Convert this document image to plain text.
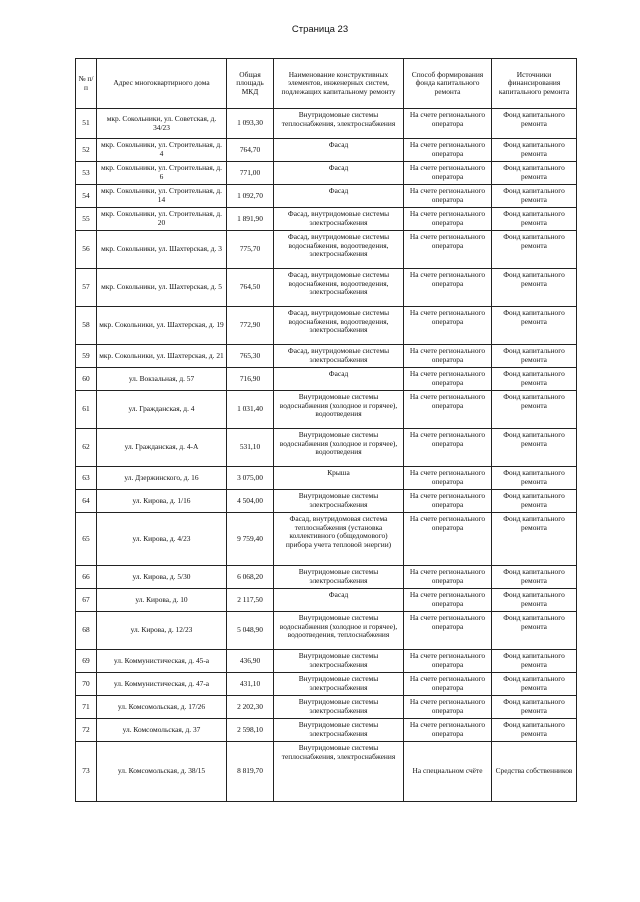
Страница 23
№ п/п	Адрес многоквартирного дома	Общая площадь МКД	Наименование конструктивных элементов, инженерных систем, подлежащих капитальному ремонту	Способ формирования фонда капитального ремонта	Источники финансирования капитального ремонта
51	мкр. Сокольники, ул. Советская, д. 34/23	1 093,30	Внутридомовые системы теплоснабжения, электроснабжения	На счете регионального оператора	Фонд капитального ремонта
52	мкр. Сокольники, ул. Строительная, д. 4	764,70	Фасад	На счете регионального оператора	Фонд капитального ремонта
53	мкр. Сокольники, ул. Строительная, д. 6	771,00	Фасад	На счете регионального оператора	Фонд капитального ремонта
54	мкр. Сокольники, ул. Строительная, д. 14	1 092,70	Фасад	На счете регионального оператора	Фонд капитального ремонта
55	мкр. Сокольники, ул. Строительная, д. 20	1 891,90	Фасад, внутридомовые системы электроснабжения	На счете регионального оператора	Фонд капитального ремонта
56	мкр. Сокольники, ул. Шахтерская, д. 3	775,70	Фасад, внутридомовые системы водоснабжения, водоотведения, электроснабжения	На счете регионального оператора	Фонд капитального ремонта
57	мкр. Сокольники, ул. Шахтерская, д. 5	764,50	Фасад, внутридомовые системы водоснабжения, водоотведения, электроснабжения	На счете регионального оператора	Фонд капитального ремонта
58	мкр. Сокольники, ул. Шахтерская, д. 19	772,90	Фасад, внутридомовые системы водоснабжения, водоотведения, электроснабжения	На счете регионального оператора	Фонд капитального ремонта
59	мкр. Сокольники, ул. Шахтерская, д. 21	765,30	Фасад, внутридомовые системы электроснабжения	На счете регионального оператора	Фонд капитального ремонта
60	ул. Вокзальная, д. 57	716,90	Фасад	На счете регионального оператора	Фонд капитального ремонта
61	ул. Гражданская, д. 4	1 031,40	Внутридомовые системы водоснабжения (холодное и горячее), водоотведения	На счете регионального оператора	Фонд капитального ремонта
62	ул. Гражданская, д. 4-А	531,10	Внутридомовые системы водоснабжения (холодное и горячее), водоотведения	На счете регионального оператора	Фонд капитального ремонта
63	ул. Дзержинского, д. 16	3 075,00	Крыша	На счете регионального оператора	Фонд капитального ремонта
64	ул. Кирова, д. 1/16	4 504,00	Внутридомовые системы электроснабжения	На счете регионального оператора	Фонд капитального ремонта
65	ул. Кирова, д. 4/23	9 759,40	Фасад, внутридомовая система теплоснабжения (установка коллективного (общедомового) прибора учета тепловой энергии)	На счете регионального оператора	Фонд капитального ремонта
66	ул. Кирова, д. 5/30	6 068,20	Внутридомовые системы электроснабжения	На счете регионального оператора	Фонд капитального ремонта
67	ул. Кирова, д. 10	2 117,50	Фасад	На счете регионального оператора	Фонд капитального ремонта
68	ул. Кирова, д. 12/23	5 048,90	Внутридомовые системы водоснабжения (холодное и горячее), водоотведения, теплоснабжения	На счете регионального оператора	Фонд капитального ремонта
69	ул. Коммунистическая, д. 45-а	436,90	Внутридомовые системы электроснабжения	На счете регионального оператора	Фонд капитального ремонта
70	ул. Коммунистическая, д. 47-а	431,10	Внутридомовые системы электроснабжения	На счете регионального оператора	Фонд капитального ремонта
71	ул. Комсомольская, д. 17/26	2 202,30	Внутридомовые системы электроснабжения	На счете регионального оператора	Фонд капитального ремонта
72	ул. Комсомольская, д. 37	2 598,10	Внутридомовые системы электроснабжения	На счете регионального оператора	Фонд капитального ремонта
73	ул. Комсомольская, д. 38/15	8 819,70	Внутридомовые системы теплоснабжения, электроснабжения	На специальном счёте	Средства собственников
